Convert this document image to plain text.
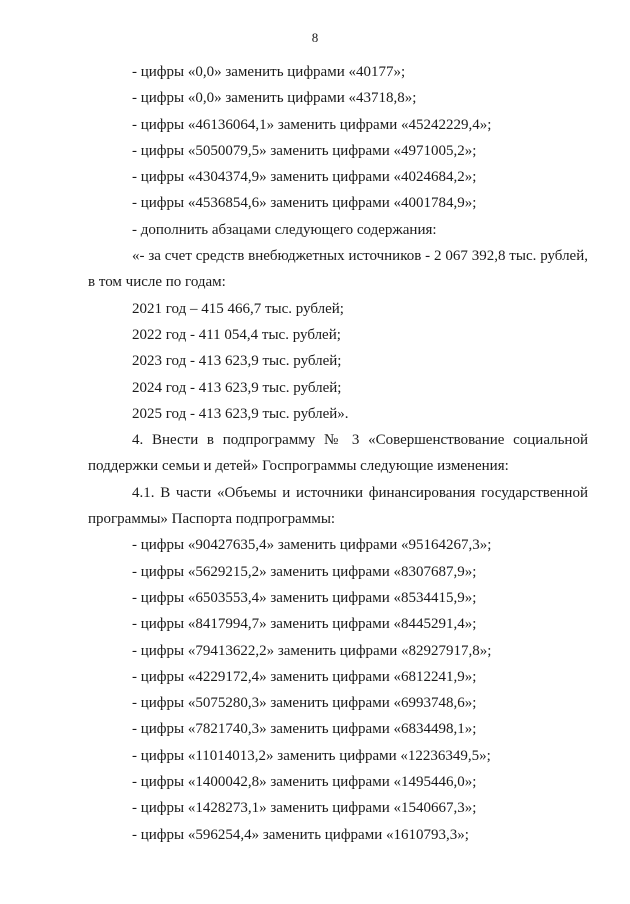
8
- цифры «0,0» заменить цифрами «40177»;
- цифры «0,0» заменить цифрами «43718,8»;
- цифры «46136064,1» заменить цифрами «45242229,4»;
- цифры «5050079,5» заменить цифрами «4971005,2»;
- цифры «4304374,9» заменить цифрами «4024684,2»;
- цифры «4536854,6» заменить цифрами «4001784,9»;
- дополнить абзацами следующего содержания:
«- за счет средств внебюджетных источников - 2 067 392,8 тыс. рублей,
в том числе по годам:
2021 год – 415 466,7 тыс. рублей;
2022 год - 411 054,4 тыс. рублей;
2023 год - 413 623,9 тыс. рублей;
2024 год - 413 623,9 тыс. рублей;
2025 год - 413 623,9 тыс. рублей».
4. Внести в подпрограмму № 3 «Совершенствование социальной
поддержки семьи и детей» Госпрограммы следующие изменения:
4.1. В части «Объемы и источники финансирования государственной
программы» Паспорта подпрограммы:
- цифры «90427635,4» заменить цифрами «95164267,3»;
- цифры «5629215,2» заменить цифрами «8307687,9»;
- цифры «6503553,4» заменить цифрами «8534415,9»;
- цифры «8417994,7» заменить цифрами «8445291,4»;
- цифры «79413622,2» заменить цифрами «82927917,8»;
- цифры «4229172,4» заменить цифрами «6812241,9»;
- цифры «5075280,3» заменить цифрами «6993748,6»;
- цифры «7821740,3» заменить цифрами «6834498,1»;
- цифры «11014013,2» заменить цифрами «12236349,5»;
- цифры «1400042,8» заменить цифрами «1495446,0»;
- цифры «1428273,1» заменить цифрами «1540667,3»;
- цифры «596254,4» заменить цифрами «1610793,3»;
